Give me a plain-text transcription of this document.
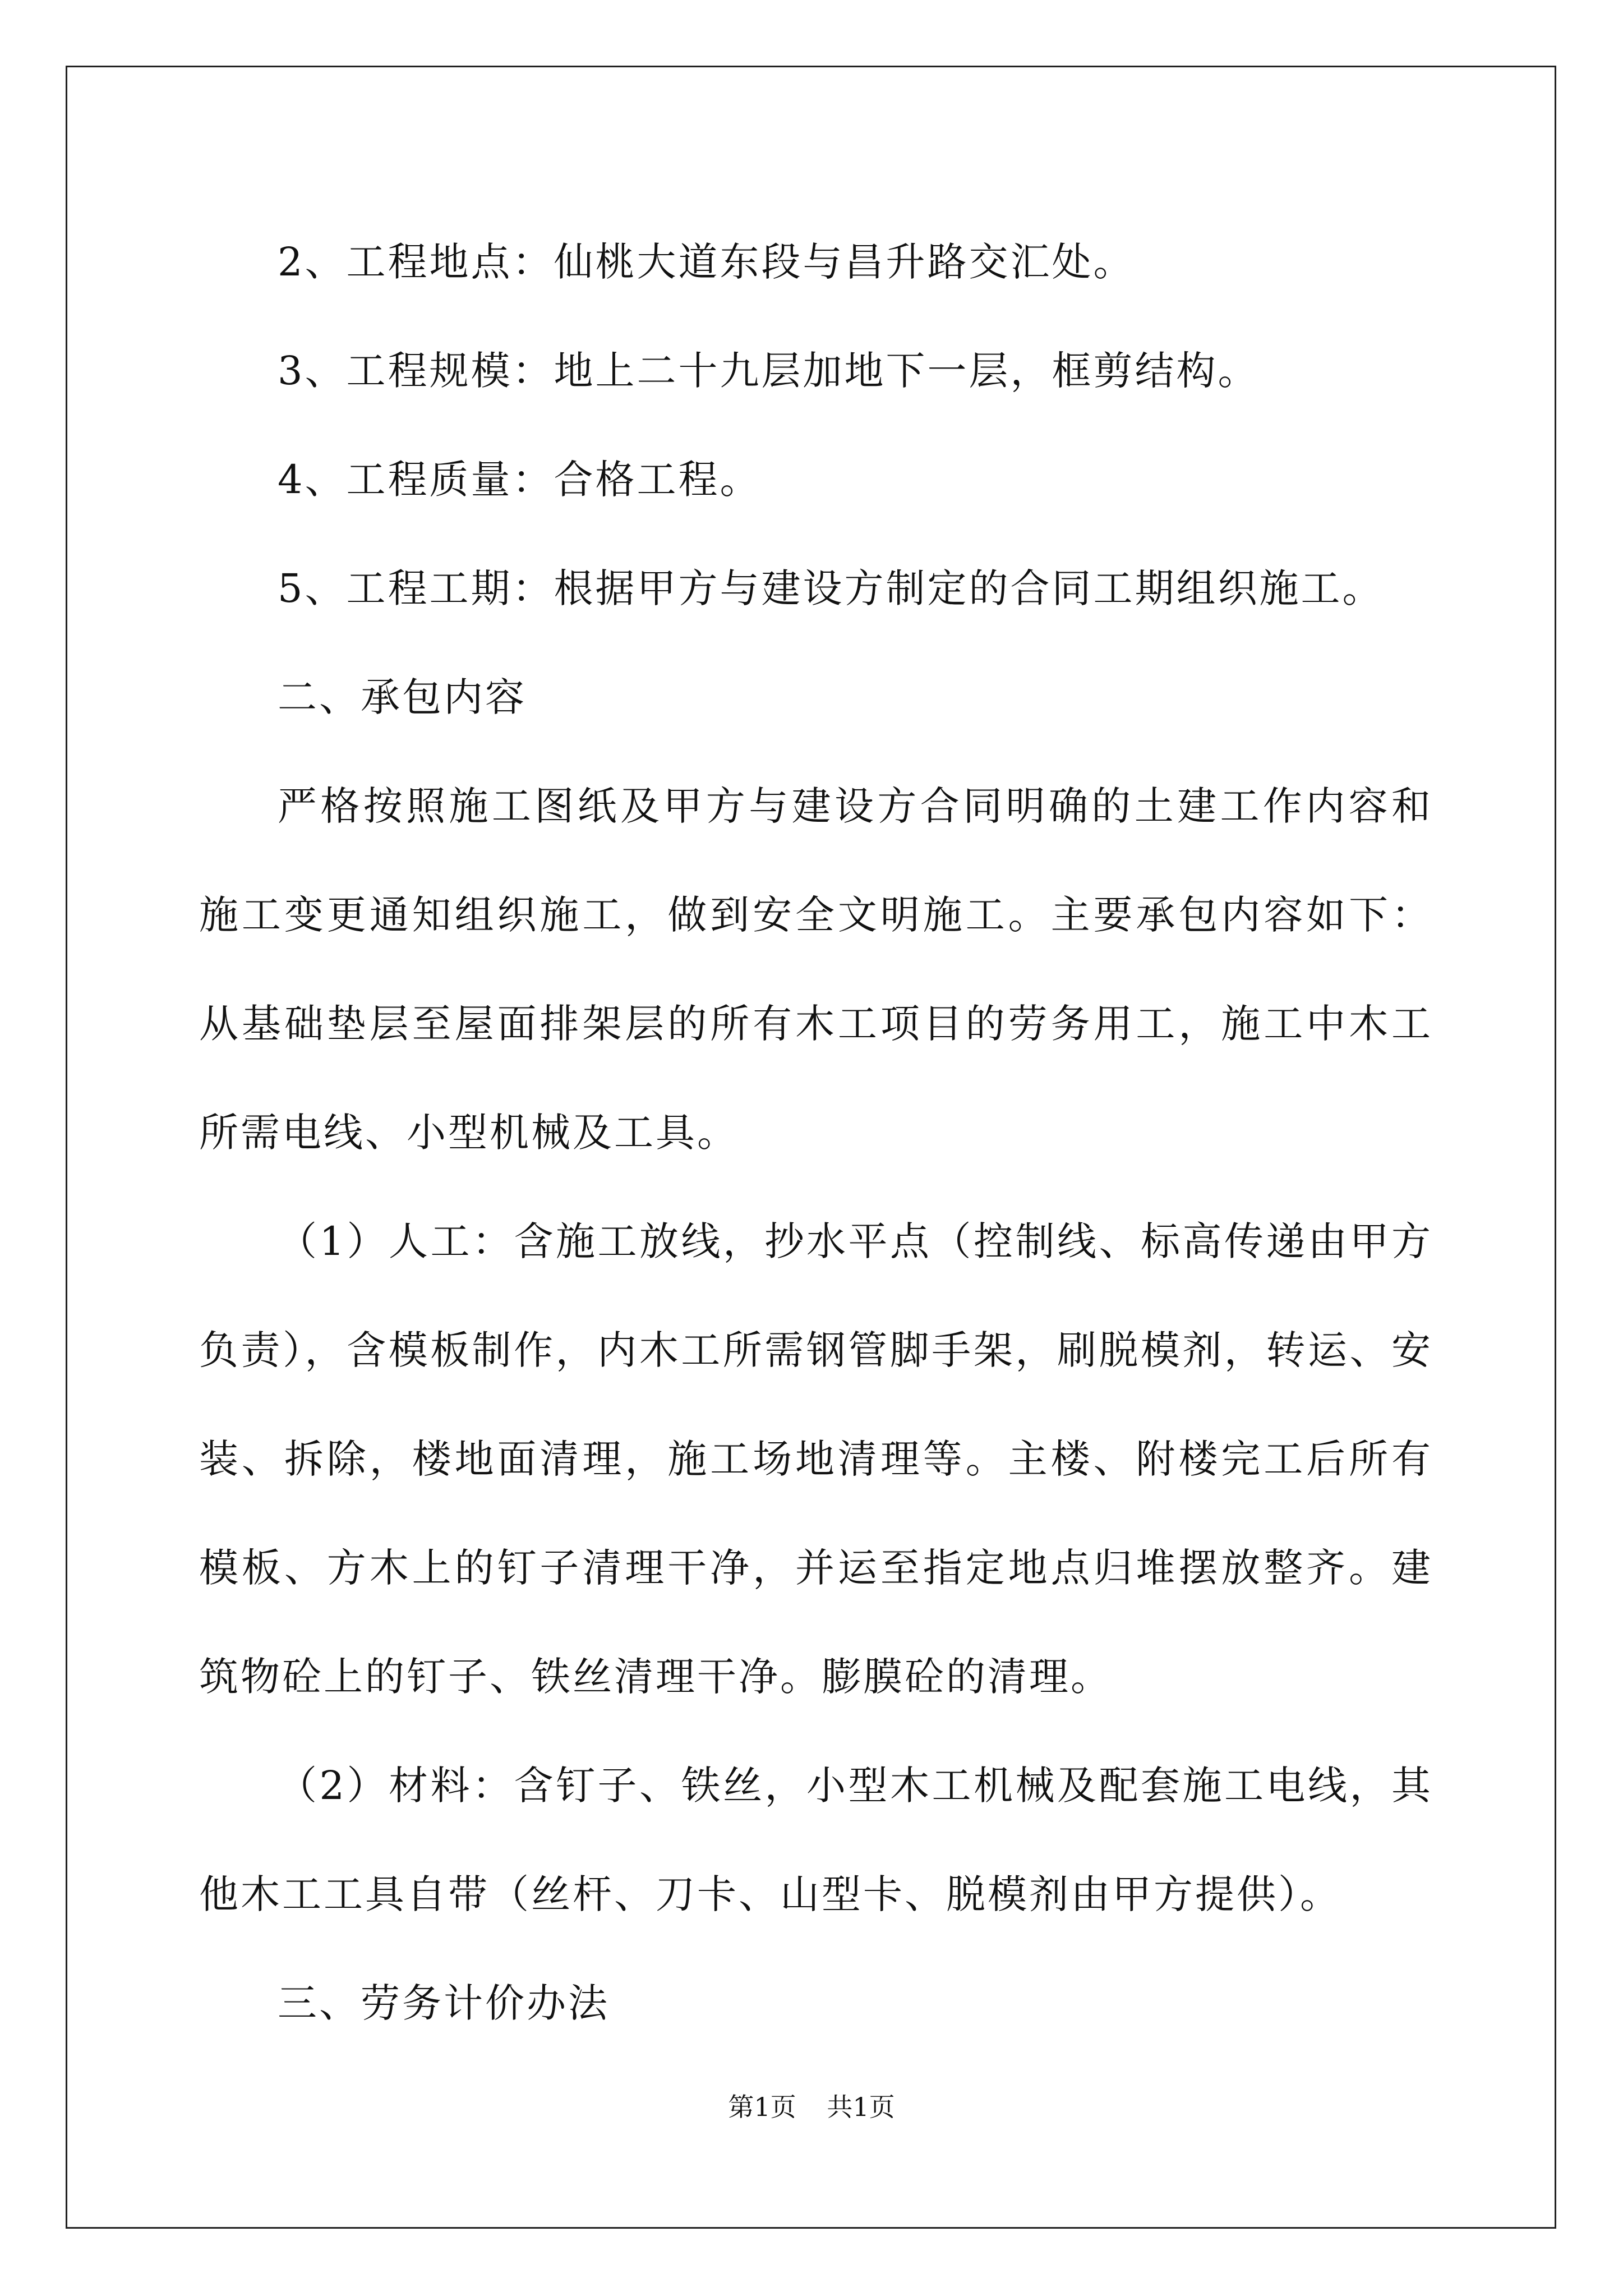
2、工程地点：仙桃大道东段与昌升路交汇处。

3、工程规模：地上二十九层加地下一层，框剪结构。

4、工程质量：合格工程。

5、工程工期：根据甲方与建设方制定的合同工期组织施工。

二、承包内容

严格按照施工图纸及甲方与建设方合同明确的土建工作内容和施工变更通知组织施工，做到安全文明施工。主要承包内容如下：从基础垫层至屋面排架层的所有木工项目的劳务用工，施工中木工所需电线、小型机械及工具。

（1）人工：含施工放线，抄水平点（控制线、标高传递由甲方负责），含模板制作，内木工所需钢管脚手架，刷脱模剂，转运、安装、拆除，楼地面清理，施工场地清理等。主楼、附楼完工后所有模板、方木上的钉子清理干净，并运至指定地点归堆摆放整齐。建筑物砼上的钉子、铁丝清理干净。膨膜砼的清理。

（2）材料：含钉子、铁丝，小型木工机械及配套施工电线，其他木工工具自带（丝杆、刀卡、山型卡、脱模剂由甲方提供）。

三、劳务计价办法

第1页 共1页
